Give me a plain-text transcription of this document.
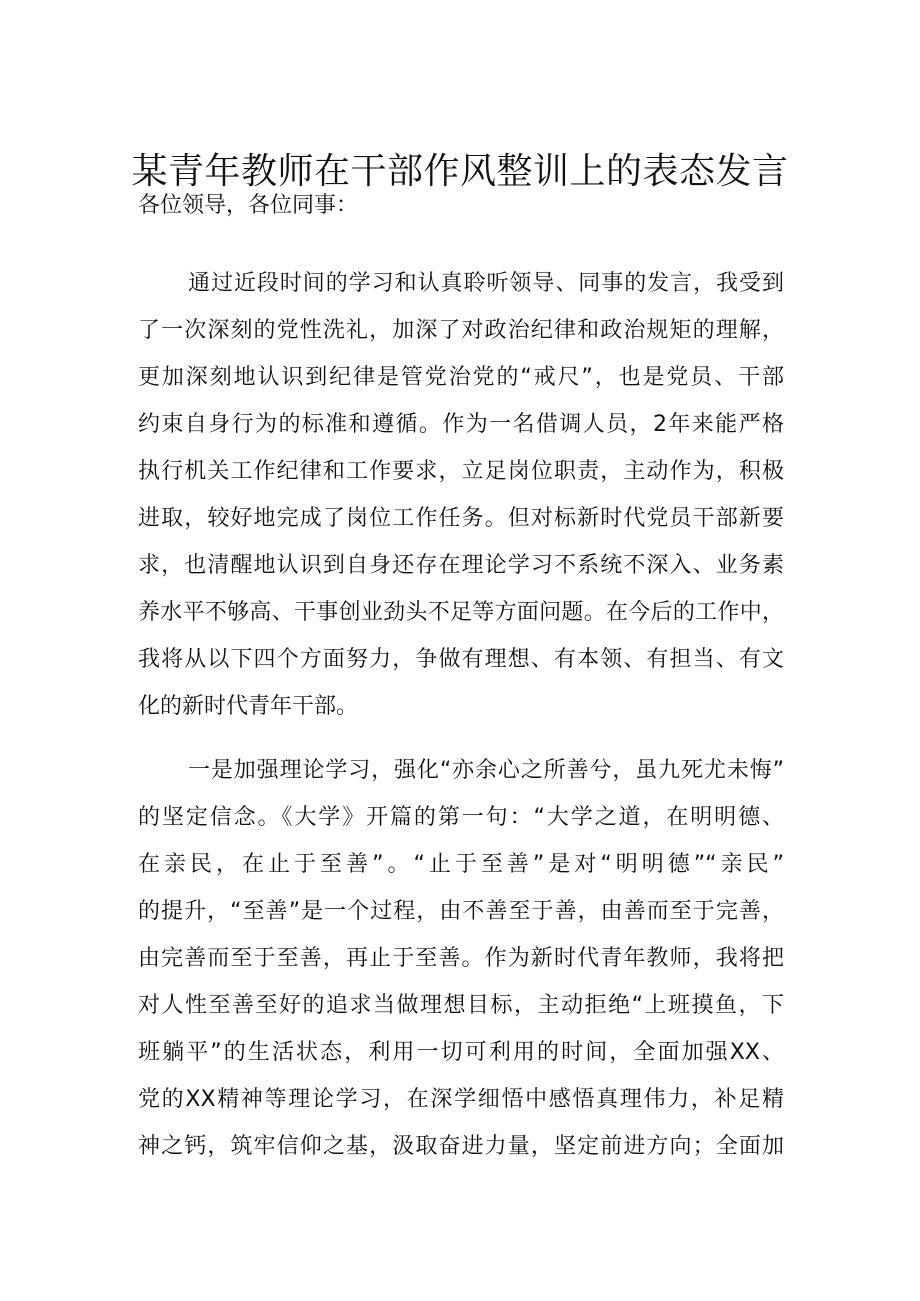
某青年教师在干部作风整训上的表态发言

各位领导，各位同事：

通过近段时间的学习和认真聆听领导、同事的发言，我受到

了一次深刻的党性洗礼，加深了对政治纪律和政治规矩的理解，

更加深刻地认识到纪律是管党治党的“戒尺”，也是党员、干部

约束自身行为的标准和遵循。作为一名借调人员，2年来能严格

执行机关工作纪律和工作要求，立足岗位职责，主动作为，积极

进取，较好地完成了岗位工作任务。但对标新时代党员干部新要

求，也清醒地认识到自身还存在理论学习不系统不深入、业务素

养水平不够高、干事创业劲头不足等方面问题。在今后的工作中，

我将从以下四个方面努力，争做有理想、有本领、有担当、有文

化的新时代青年干部。

一是加强理论学习，强化“亦余心之所善兮，虽九死尤未悔”

的坚定信念。《大学》开篇的第一句：“大学之道，在明明德、

在亲民，在止于至善”。“止于至善”是对“明明德”“亲民”

的提升，“至善”是一个过程，由不善至于善，由善而至于完善，

由完善而至于至善，再止于至善。作为新时代青年教师，我将把

对人性至善至好的追求当做理想目标，主动拒绝“上班摸鱼，下

班躺平”的生活状态，利用一切可利用的时间，全面加强XX、

党的XX精神等理论学习，在深学细悟中感悟真理伟力，补足精

神之钙，筑牢信仰之基，汲取奋进力量，坚定前进方向；全面加
